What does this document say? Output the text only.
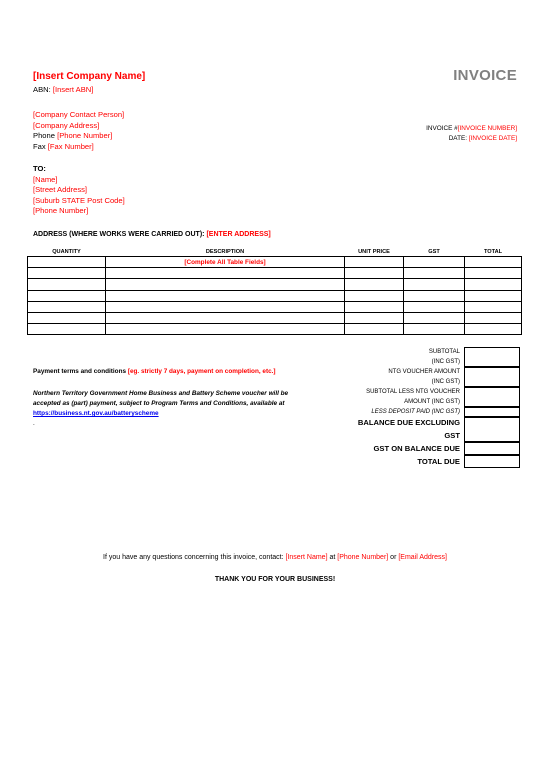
[Insert Company Name]	INVOICE
ABN: [Insert ABN]
[Company Contact Person]
[Company Address]
Phone [Phone Number]
Fax [Fax Number]
INVOICE #[INVOICE NUMBER]
DATE: [INVOICE DATE]
TO:
[Name]
[Street Address]
[Suburb STATE Post Code]
[Phone Number]
ADDRESS (WHERE WORKS WERE CARRIED OUT): [ENTER ADDRESS]
QUANTITY	DESCRIPTION	UNIT PRICE	GST	TOTAL
	[Complete All Table Fields]			

SUBTOTAL
(INC GST)
NTG VOUCHER AMOUNT
(INC GST)
SUBTOTAL LESS NTG VOUCHER
AMOUNT (INC GST)
LESS DEPOSIT PAID (INC GST)
BALANCE DUE EXCLUDING
GST
GST ON BALANCE DUE
TOTAL DUE
Payment terms and conditions [eg. strictly 7 days, payment on completion, etc.]
Northern Territory Government Home Business and Battery Scheme voucher will be
accepted as (part) payment, subject to Program Terms and Conditions, available at
https://business.nt.gov.au/batteryscheme
.
If you have any questions concerning this invoice, contact: [Insert Name] at [Phone Number] or [Email Address]
THANK YOU FOR YOUR BUSINESS!
